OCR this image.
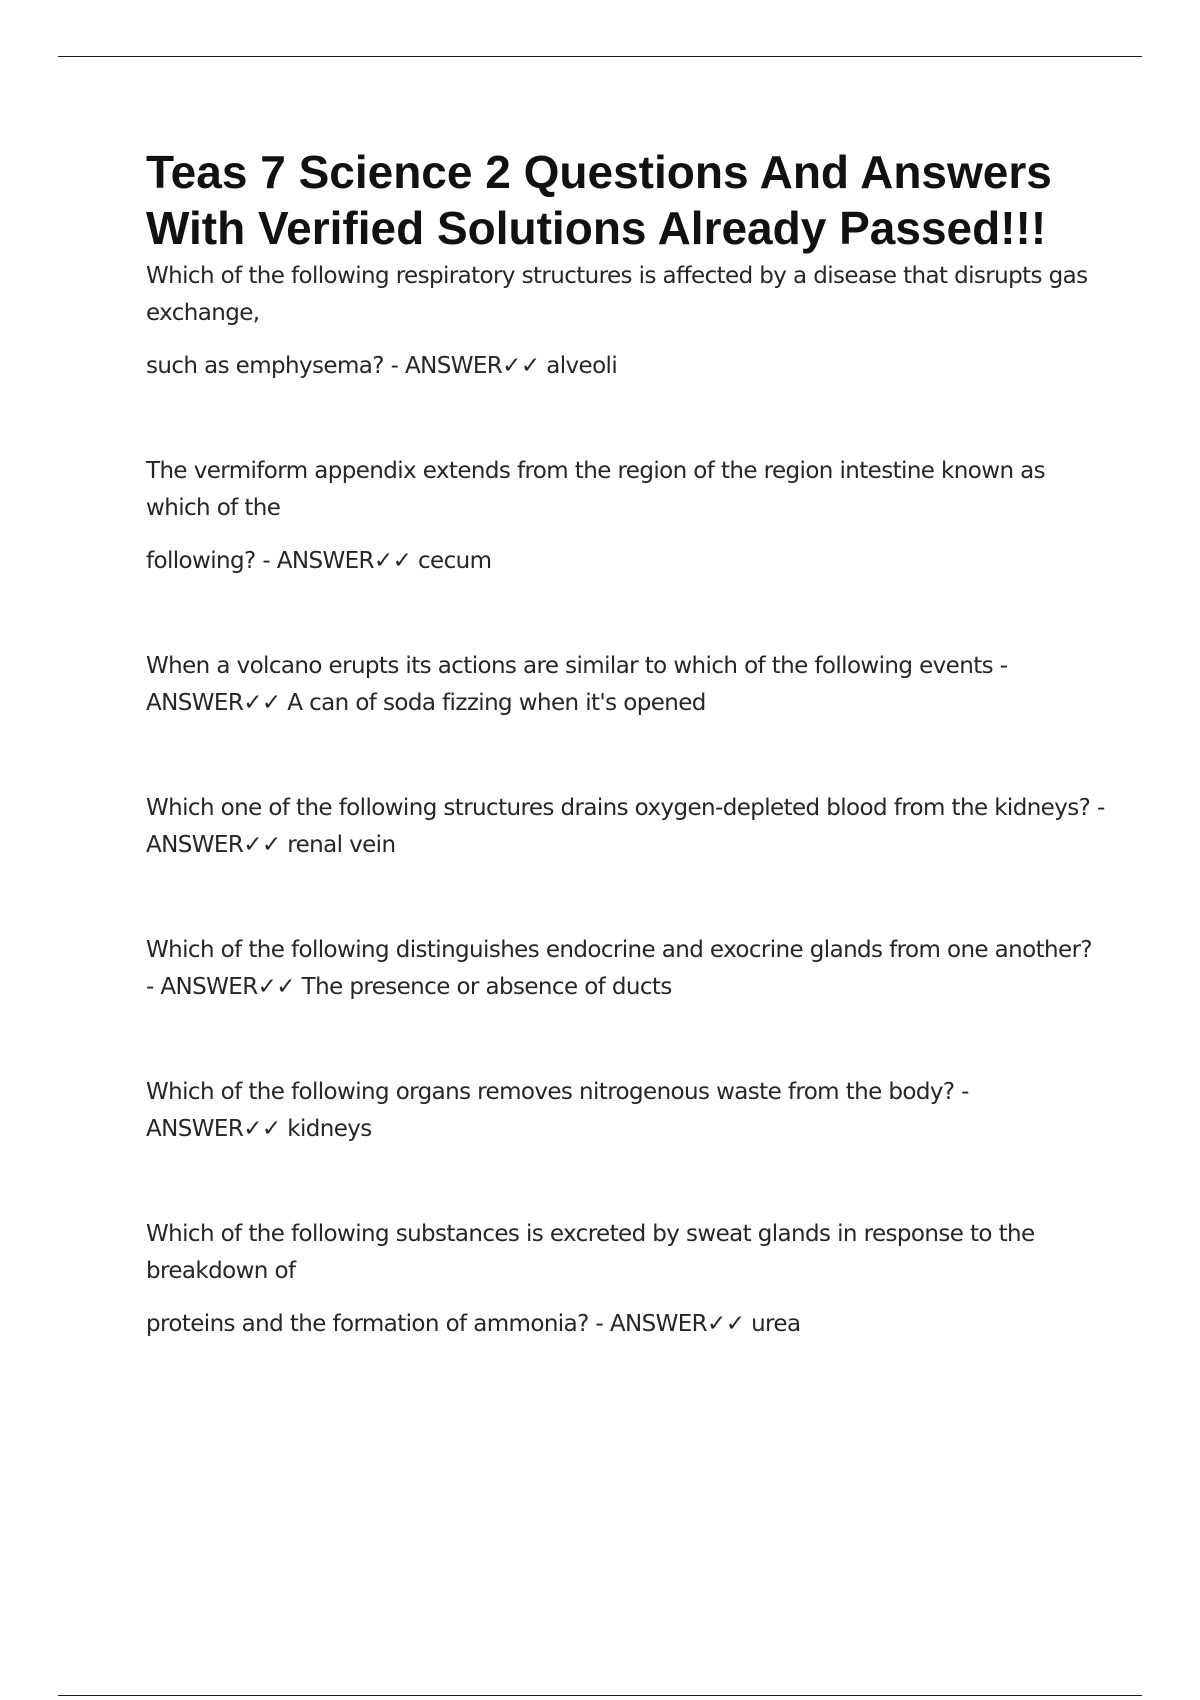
Teas 7 Science 2 Questions And Answers With Verified Solutions Already Passed!!!

Which of the following respiratory structures is affected by a disease that disrupts gas exchange,

such as emphysema? - ANSWER✓✓ alveoli

The vermiform appendix extends from the region of the region intestine known as which of the

following? - ANSWER✓✓ cecum

When a volcano erupts its actions are similar to which of the following events - ANSWER✓✓ A can of soda fizzing when it's opened

Which one of the following structures drains oxygen-depleted blood from the kidneys? - ANSWER✓✓ renal vein

Which of the following distinguishes endocrine and exocrine glands from one another? - ANSWER✓✓ The presence or absence of ducts

Which of the following organs removes nitrogenous waste from the body? - ANSWER✓✓ kidneys

Which of the following substances is excreted by sweat glands in response to the breakdown of

proteins and the formation of ammonia? - ANSWER✓✓ urea
